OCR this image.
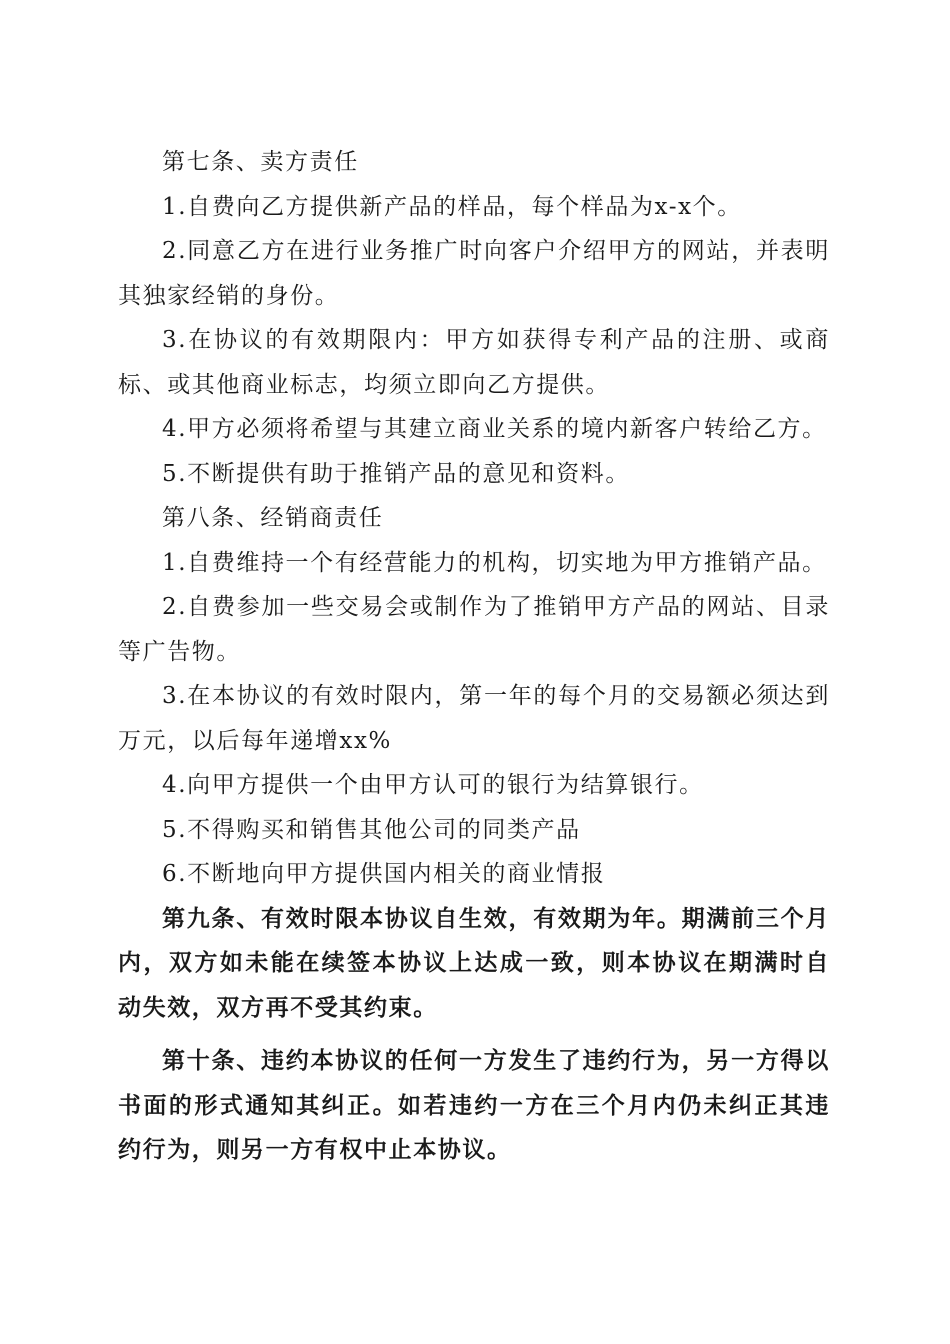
第七条、卖方责任

1.自费向乙方提供新产品的样品，每个样品为x-x个。

2.同意乙方在进行业务推广时向客户介绍甲方的网站，并表明其独家经销的身份。

3.在协议的有效期限内：甲方如获得专利产品的注册、或商标、或其他商业标志，均须立即向乙方提供。

4.甲方必须将希望与其建立商业关系的境内新客户转给乙方。

5.不断提供有助于推销产品的意见和资料。

第八条、经销商责任

1.自费维持一个有经营能力的机构，切实地为甲方推销产品。

2.自费参加一些交易会或制作为了推销甲方产品的网站、目录等广告物。

3.在本协议的有效时限内，第一年的每个月的交易额必须达到万元，以后每年递增xx%

4.向甲方提供一个由甲方认可的银行为结算银行。

5.不得购买和销售其他公司的同类产品

6.不断地向甲方提供国内相关的商业情报

第九条、有效时限本协议自生效，有效期为年。期满前三个月内，双方如未能在续签本协议上达成一致，则本协议在期满时自动失效，双方再不受其约束。

第十条、违约本协议的任何一方发生了违约行为，另一方得以书面的形式通知其纠正。如若违约一方在三个月内仍未纠正其违约行为，则另一方有权中止本协议。
